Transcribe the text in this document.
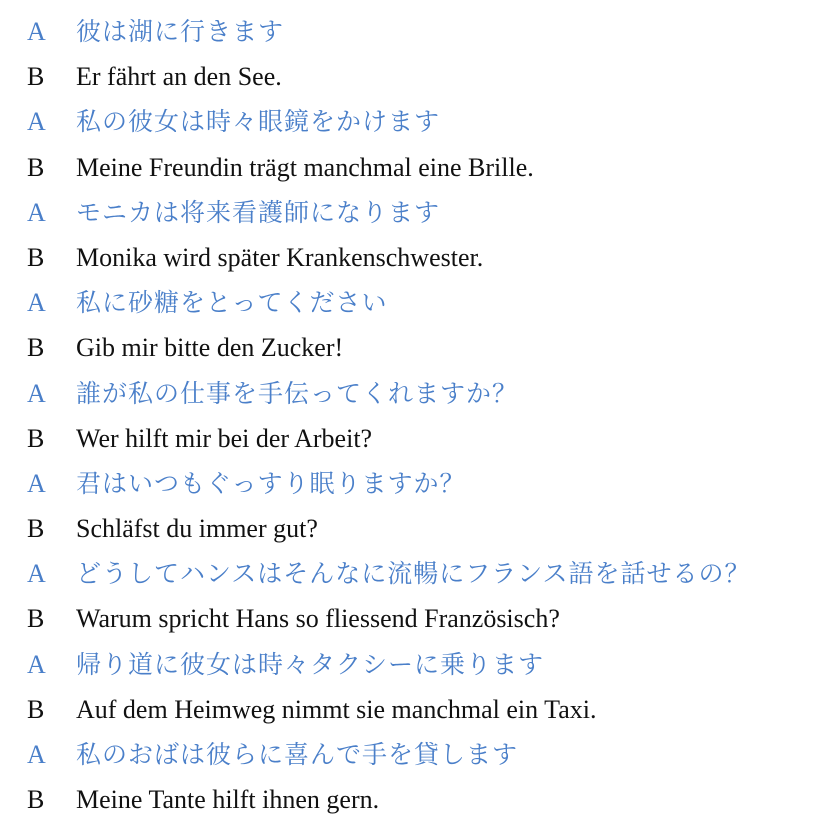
A	彼は湖に行きます
B	Er fährt an den See.
A	私の彼女は時々眼鏡をかけます
B	Meine Freundin trägt manchmal eine Brille.
A	モニカは将来看護師になります
B	Monika wird später Krankenschwester.
A	私に砂糖をとってください
B	Gib mir bitte den Zucker!
A	誰が私の仕事を手伝ってくれますか？
B	Wer hilft mir bei der Arbeit?
A	君はいつもぐっすり眠りますか？
B	Schläfst du immer gut?
A	どうしてハンスはそんなに流暢にフランス語を話せるの？
B	Warum spricht Hans so fliessend Französisch?
A	帰り道に彼女は時々タクシーに乗ります
B	Auf dem Heimweg nimmt sie manchmal ein Taxi.
A	私のおばは彼らに喜んで手を貸します
B	Meine Tante hilft ihnen gern.
